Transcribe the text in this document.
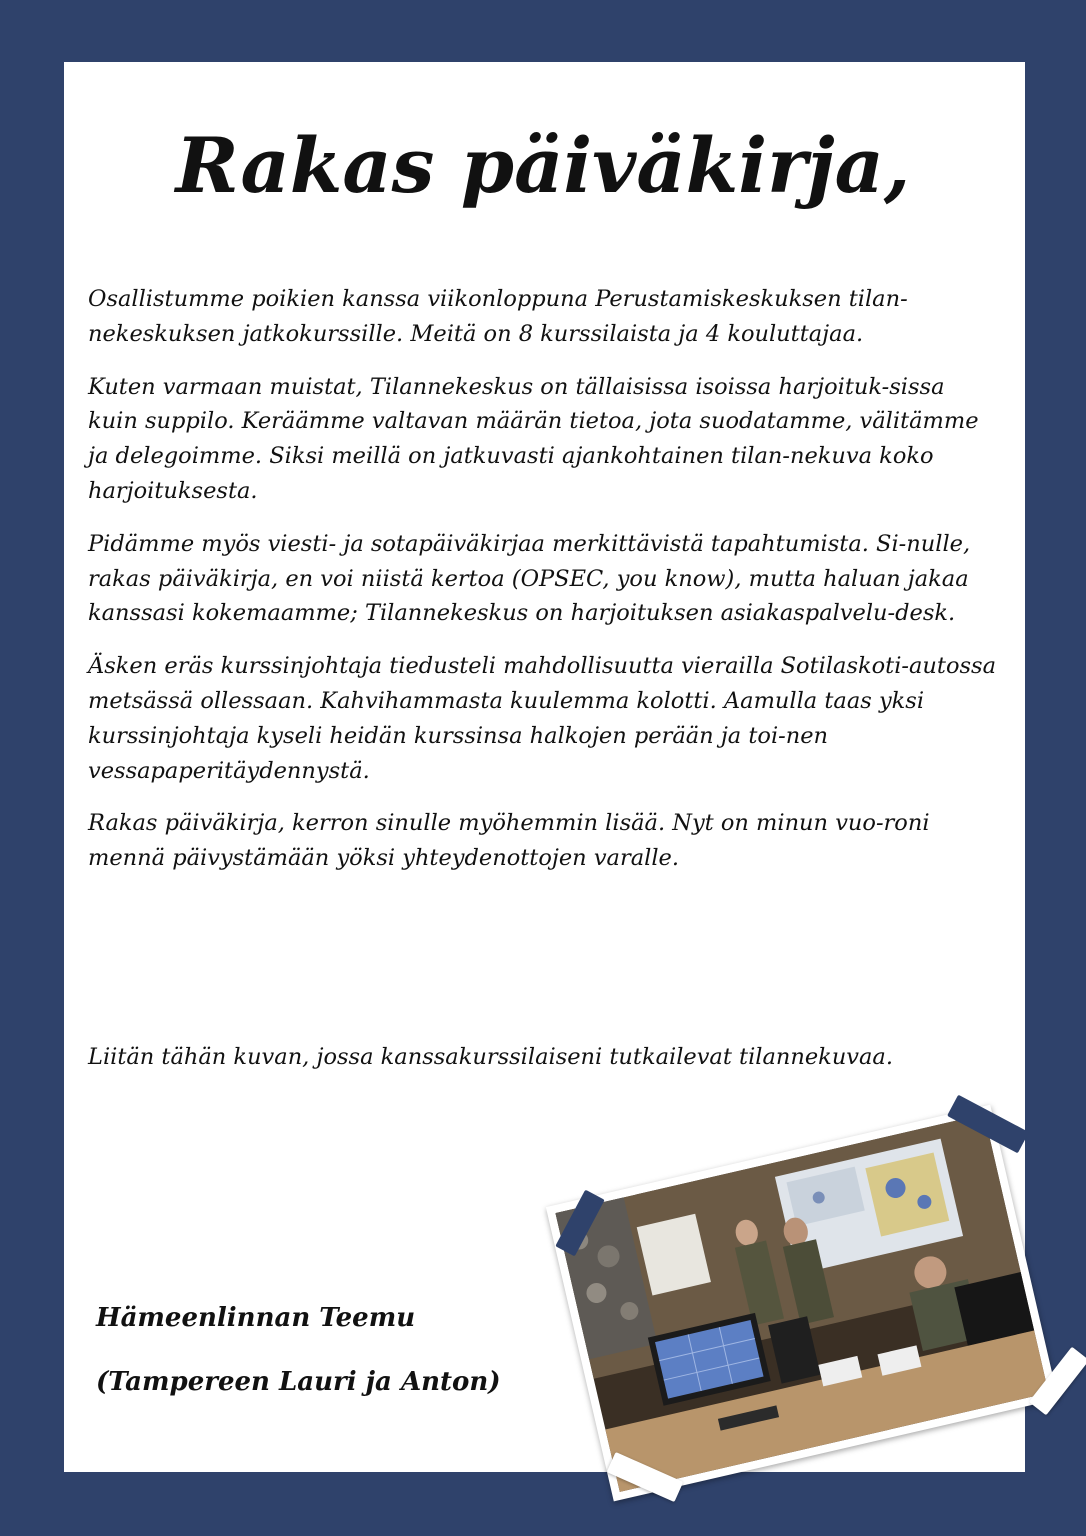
Rakas päiväkirja,

Osallistumme poikien kanssa viikonloppuna Perustamiskeskuksen tilan-nekeskuksen jatkokurssille. Meitä on 8 kurssilaista ja 4 kouluttajaa.

Kuten varmaan muistat, Tilannekeskus on tällaisissa isoissa harjoituk-sissa kuin suppilo. Keräämme valtavan määrän tietoa, jota suodatamme, välitämme ja delegoimme. Siksi meillä on jatkuvasti ajankohtainen tilan-nekuva koko harjoituksesta.

Pidämme myös viesti- ja sotapäiväkirjaa merkittävistä tapahtumista. Si-nulle, rakas päiväkirja, en voi niistä kertoa (OPSEC, you know), mutta haluan jakaa kanssasi kokemaamme; Tilannekeskus on harjoituksen asiakaspalvelu-desk.

Äsken eräs kurssinjohtaja tiedusteli mahdollisuutta vierailla Sotilaskoti-autossa metsässä ollessaan. Kahvihammasta kuulemma kolotti. Aamulla taas yksi kurssinjohtaja kyseli heidän kurssinsa halkojen perään ja toi-nen vessapaperitäydennystä.

Rakas päiväkirja, kerron sinulle myöhemmin lisää. Nyt on minun vuo-roni mennä päivystämään yöksi yhteydenottojen varalle.

Liitän tähän kuvan, jossa kanssakurssilaiseni tutkailevat tilannekuvaa.

Hämeenlinnan Teemu
(Tampereen Lauri ja Anton)
